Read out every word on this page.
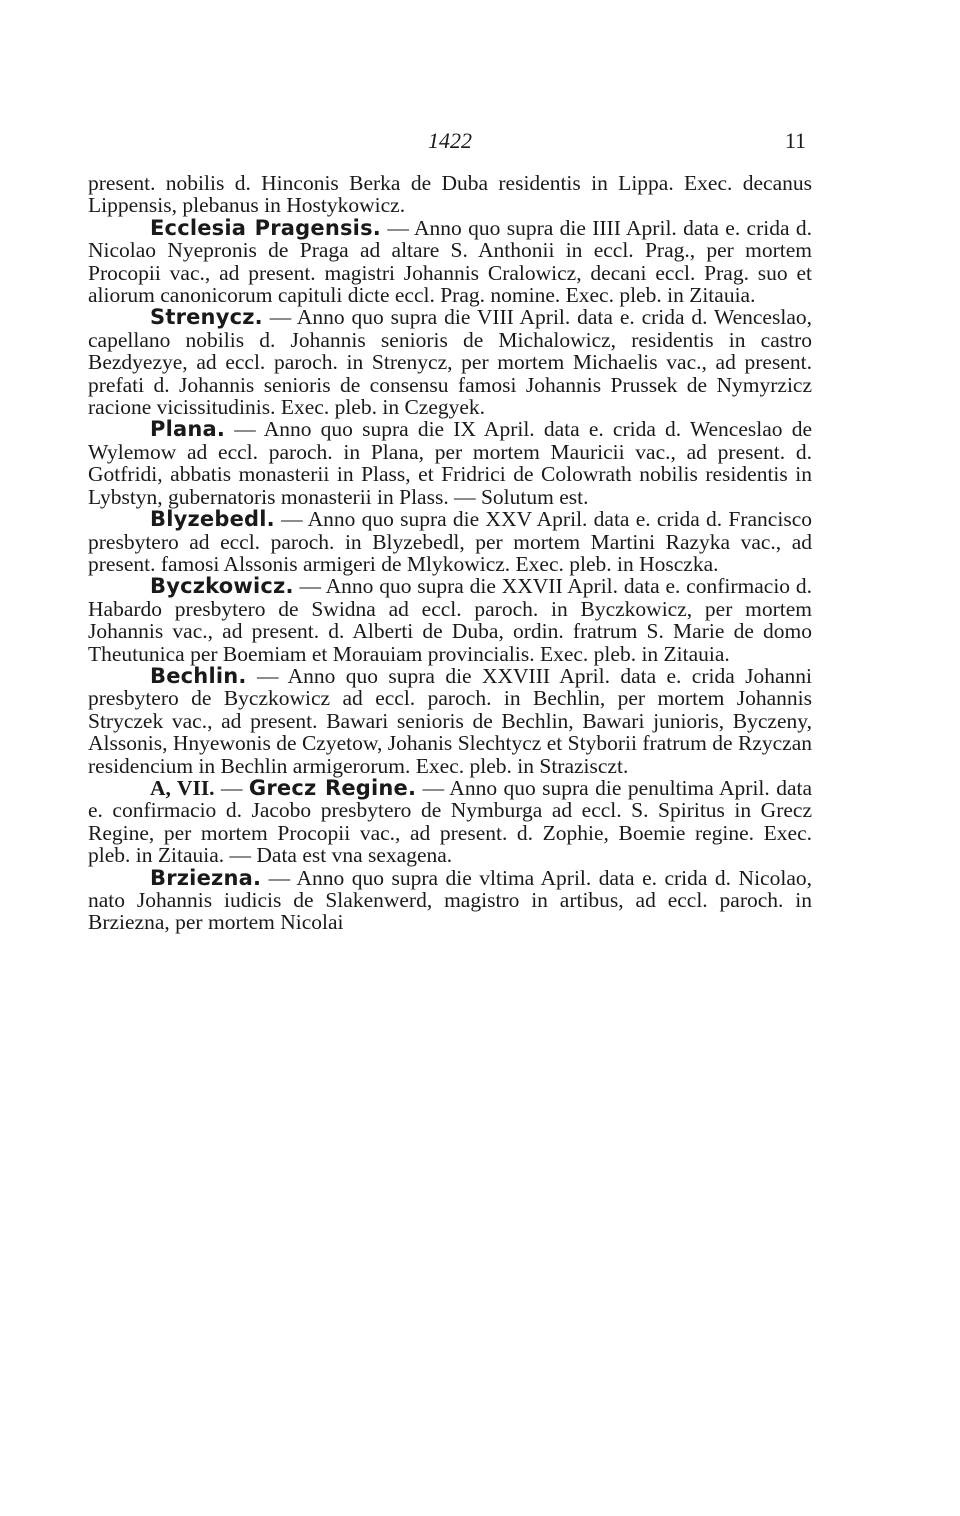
1422	11

present. nobilis d. Hinconis Berka de Duba residentis in Lippa. Exec. decanus Lippensis, plebanus in Hostykowicz.

Ecclesia Pragensis. — Anno quo supra die IIII April. data e. crida d. Nicolao Nyepronis de Praga ad altare S. Anthonii in eccl. Prag., per mortem Procopii vac., ad present. magistri Johannis Cralowicz, decani eccl. Prag. suo et aliorum canonicorum capituli dicte eccl. Prag. nomine. Exec. pleb. in Zitauia.

Strenycz. — Anno quo supra die VIII April. data e. crida d. Wenceslao, capellano nobilis d. Johannis senioris de Michalowicz, residentis in castro Bezdyezye, ad eccl. paroch. in Strenycz, per mortem Michaelis vac., ad present. prefati d. Johannis senioris de consensu famosi Johannis Prussek de Nymyrzicz racione vicissitudinis. Exec. pleb. in Czegyek.

Plana. — Anno quo supra die IX April. data e. crida d. Wenceslao de Wylemow ad eccl. paroch. in Plana, per mortem Mauricii vac., ad present. d. Gotfridi, abbatis monasterii in Plass, et Fridrici de Colowrath nobilis residentis in Lybstyn, gubernatoris monasterii in Plass. — Solutum est.

Blyzebedl. — Anno quo supra die XXV April. data e. crida d. Francisco presbytero ad eccl. paroch. in Blyzebedl, per mortem Martini Razyka vac., ad present. famosi Alssonis armigeri de Mlykowicz. Exec. pleb. in Hosczka.

Byczkowicz. — Anno quo supra die XXVII April. data e. confirmacio d. Habardo presbytero de Swidna ad eccl. paroch. in Byczkowicz, per mortem Johannis vac., ad present. d. Alberti de Duba, ordin. fratrum S. Marie de domo Theutunica per Boemiam et Morauiam provincialis. Exec. pleb. in Zitauia.

Bechlin. — Anno quo supra die XXVIII April. data e. crida Johanni presbytero de Byczkowicz ad eccl. paroch. in Bechlin, per mortem Johannis Stryczek vac., ad present. Bawari senioris de Bechlin, Bawari junioris, Byczeny, Alssonis, Hnyewonis de Czyetow, Johanis Slechtycz et Styborii fratrum de Rzyczan residencium in Bechlin armigerorum. Exec. pleb. in Strazisczt.

A, VII. — Grecz Regine. — Anno quo supra die penultima April. data e. confirmacio d. Jacobo presbytero de Nymburga ad eccl. S. Spiritus in Grecz Regine, per mortem Procopii vac., ad present. d. Zophie, Boemie regine. Exec. pleb. in Zitauia. — Data est vna sexagena.

Brziezna. — Anno quo supra die vltima April. data e. crida d. Nicolao, nato Johannis iudicis de Slakenwerd, magistro in artibus, ad eccl. paroch. in Brziezna, per mortem Nicolai
